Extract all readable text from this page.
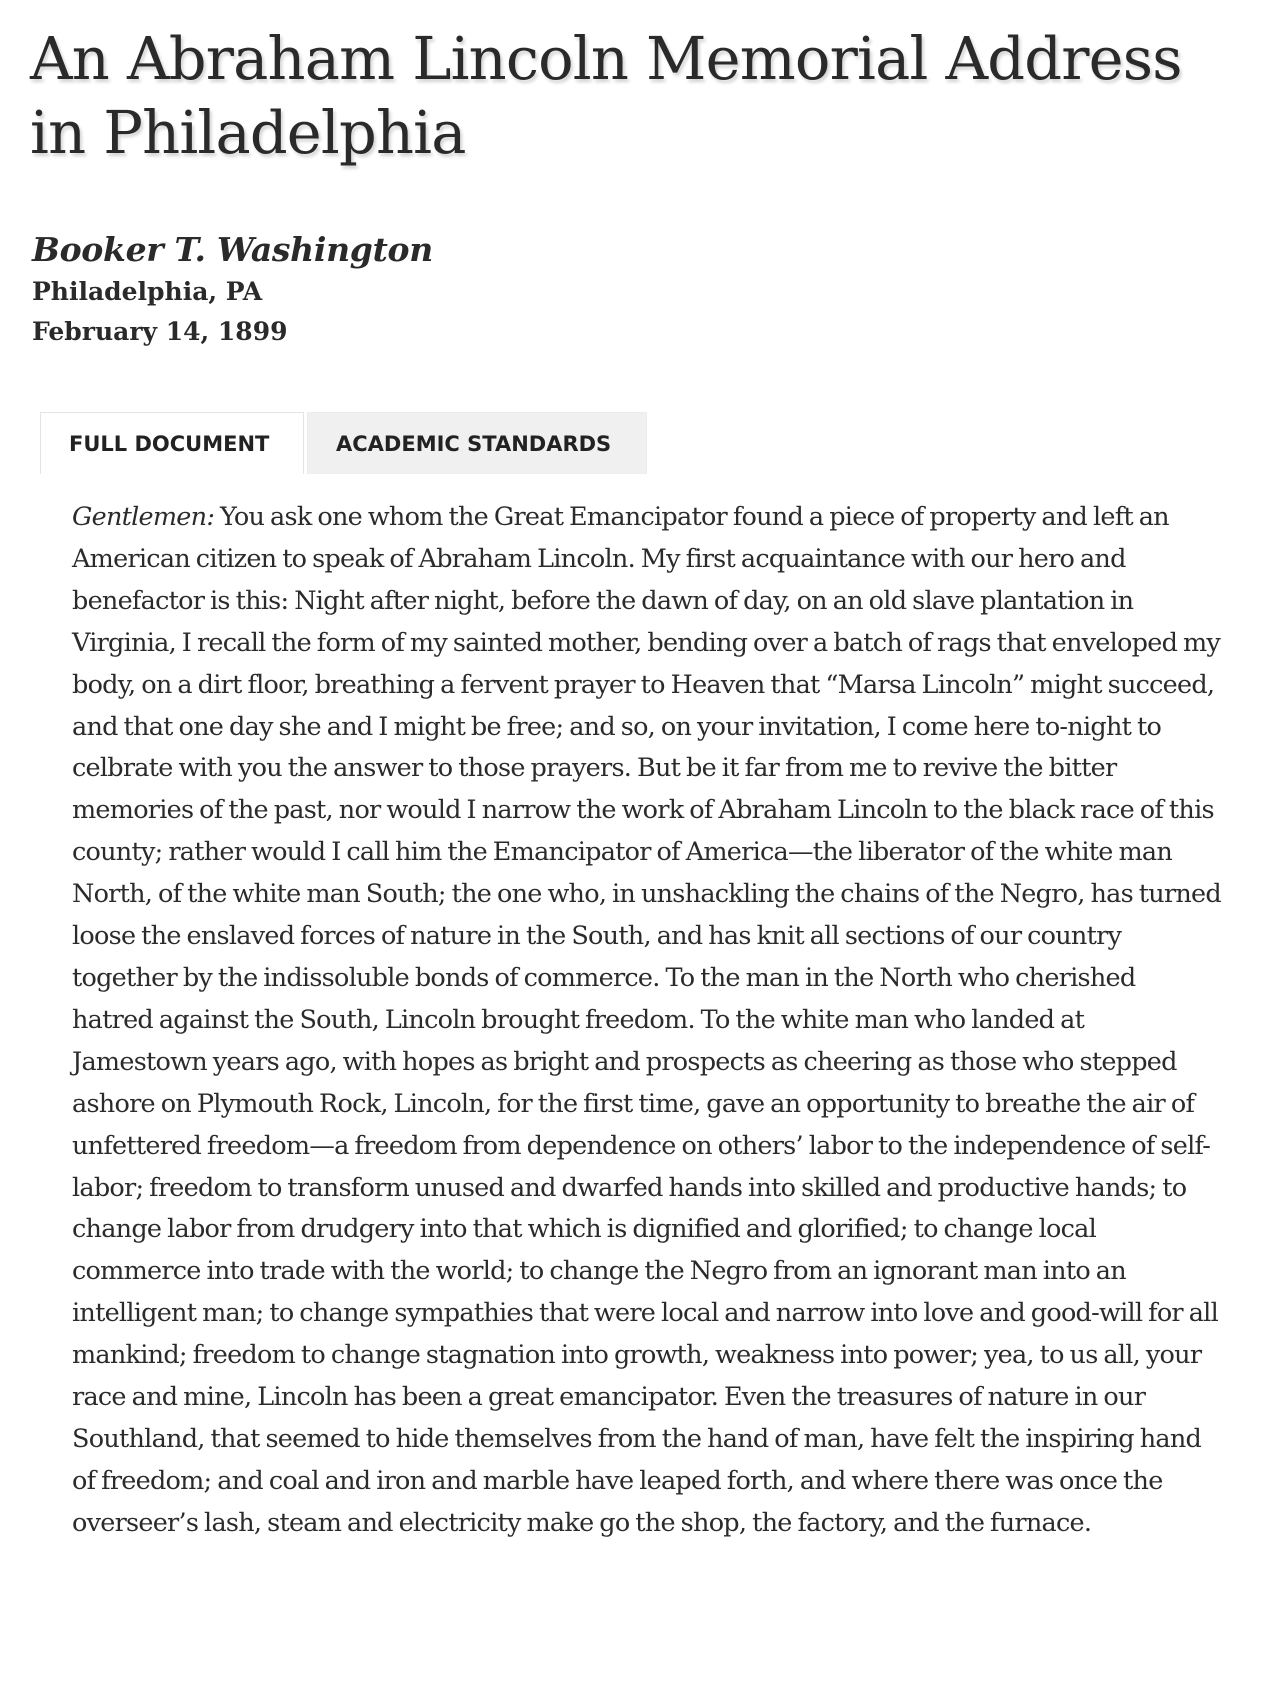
An Abraham Lincoln Memorial Address in Philadelphia
Booker T. Washington
Philadelphia, PA
February 14, 1899
FULL DOCUMENT	ACADEMIC STANDARDS

Gentlemen: You ask one whom the Great Emancipator found a piece of property and left an American citizen to speak of Abraham Lincoln. My first acquaintance with our hero and benefactor is this: Night after night, before the dawn of day, on an old slave plantation in Virginia, I recall the form of my sainted mother, bending over a batch of rags that enveloped my body, on a dirt floor, breathing a fervent prayer to Heaven that “Marsa Lincoln” might succeed, and that one day she and I might be free; and so, on your invitation, I come here to-night to celbrate with you the answer to those prayers. But be it far from me to revive the bitter memories of the past, nor would I narrow the work of Abraham Lincoln to the black race of this county; rather would I call him the Emancipator of America—the liberator of the white man North, of the white man South; the one who, in unshackling the chains of the Negro, has turned loose the enslaved forces of nature in the South, and has knit all sections of our country together by the indissoluble bonds of commerce. To the man in the North who cherished hatred against the South, Lincoln brought freedom. To the white man who landed at Jamestown years ago, with hopes as bright and prospects as cheering as those who stepped ashore on Plymouth Rock, Lincoln, for the first time, gave an opportunity to breathe the air of unfettered freedom—a freedom from dependence on others’ labor to the independence of self-labor; freedom to transform unused and dwarfed hands into skilled and productive hands; to change labor from drudgery into that which is dignified and glorified; to change local commerce into trade with the world; to change the Negro from an ignorant man into an intelligent man; to change sympathies that were local and narrow into love and good-will for all mankind; freedom to change stagnation into growth, weakness into power; yea, to us all, your race and mine, Lincoln has been a great emancipator. Even the treasures of nature in our Southland, that seemed to hide themselves from the hand of man, have felt the inspiring hand of freedom; and coal and iron and marble have leaped forth, and where there was once the overseer’s lash, steam and electricity make go the shop, the factory, and the furnace.
